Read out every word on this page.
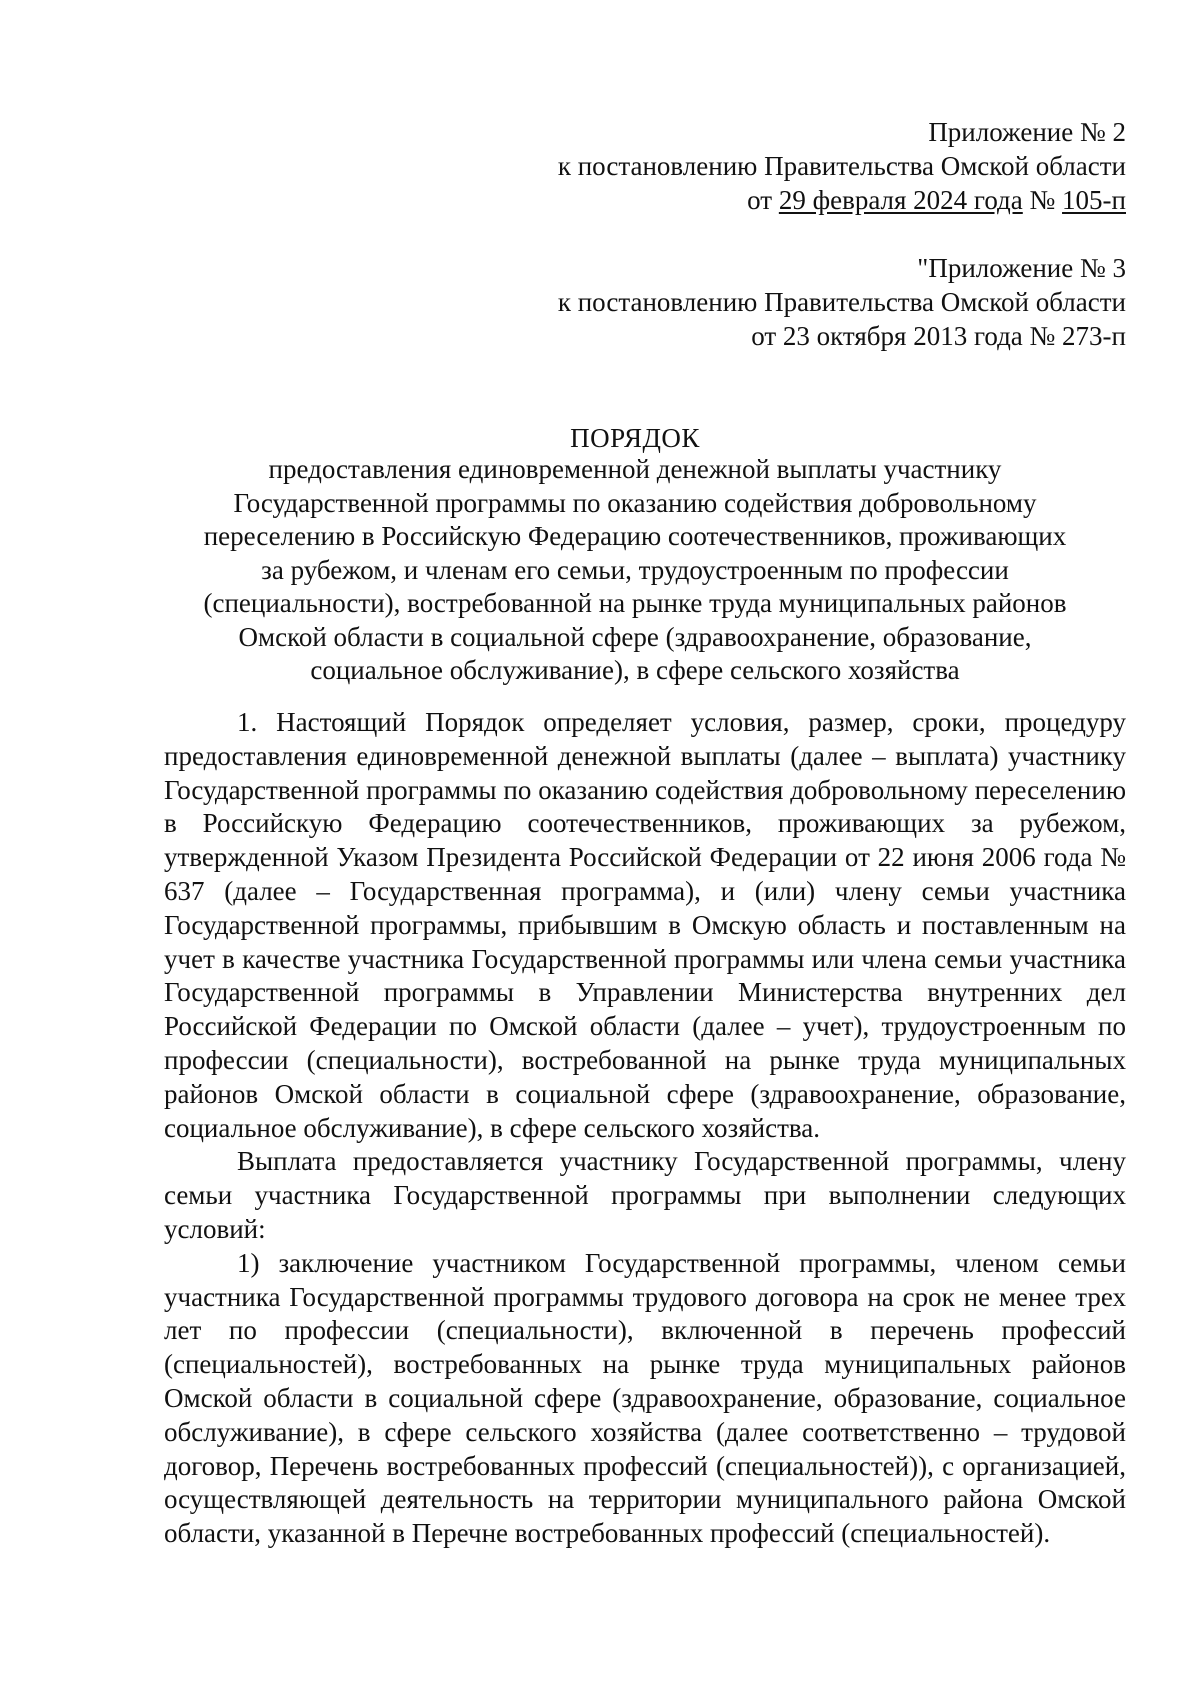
Приложение № 2
к постановлению Правительства Омской области
от 29 февраля 2024 года № 105-п
"Приложение № 3
к постановлению Правительства Омской области
от 23 октября 2013 года № 273-п
ПОРЯДОК
предоставления единовременной денежной выплаты участнику
Государственной программы по оказанию содействия добровольному
переселению в Российскую Федерацию соотечественников, проживающих
за рубежом, и членам его семьи, трудоустроенным по профессии
(специальности), востребованной на рынке труда муниципальных районов
Омской области в социальной сфере (здравоохранение, образование,
социальное обслуживание), в сфере сельского хозяйства

1. Настоящий Порядок определяет условия, размер, сроки, процедуру предоставления единовременной денежной выплаты (далее – выплата) участнику Государственной программы по оказанию содействия добровольному переселению в Российскую Федерацию соотечественников, проживающих за рубежом, утвержденной Указом Президента Российской Федерации от 22 июня 2006 года № 637 (далее – Государственная программа), и (или) члену семьи участника Государственной программы, прибывшим в Омскую область и поставленным на учет в качестве участника Государственной программы или члена семьи участника Государственной программы в Управлении Министерства внутренних дел Российской Федерации по Омской области (далее – учет), трудоустроенным по профессии (специальности), востребованной на рынке труда муниципальных районов Омской области в социальной сфере (здравоохранение, образование, социальное обслуживание), в сфере сельского хозяйства.

Выплата предоставляется участнику Государственной программы, члену семьи участника Государственной программы при выполнении следующих условий:

1) заключение участником Государственной программы, членом семьи участника Государственной программы трудового договора на срок не менее трех лет по профессии (специальности), включенной в перечень профессий (специальностей), востребованных на рынке труда муниципальных районов Омской области в социальной сфере (здравоохранение, образование, социальное обслуживание), в сфере сельского хозяйства (далее соответственно – трудовой договор, Перечень востребованных профессий (специальностей)), с организацией, осуществляющей деятельность на территории муниципального района Омской области, указанной в Перечне востребованных профессий (специальностей).
